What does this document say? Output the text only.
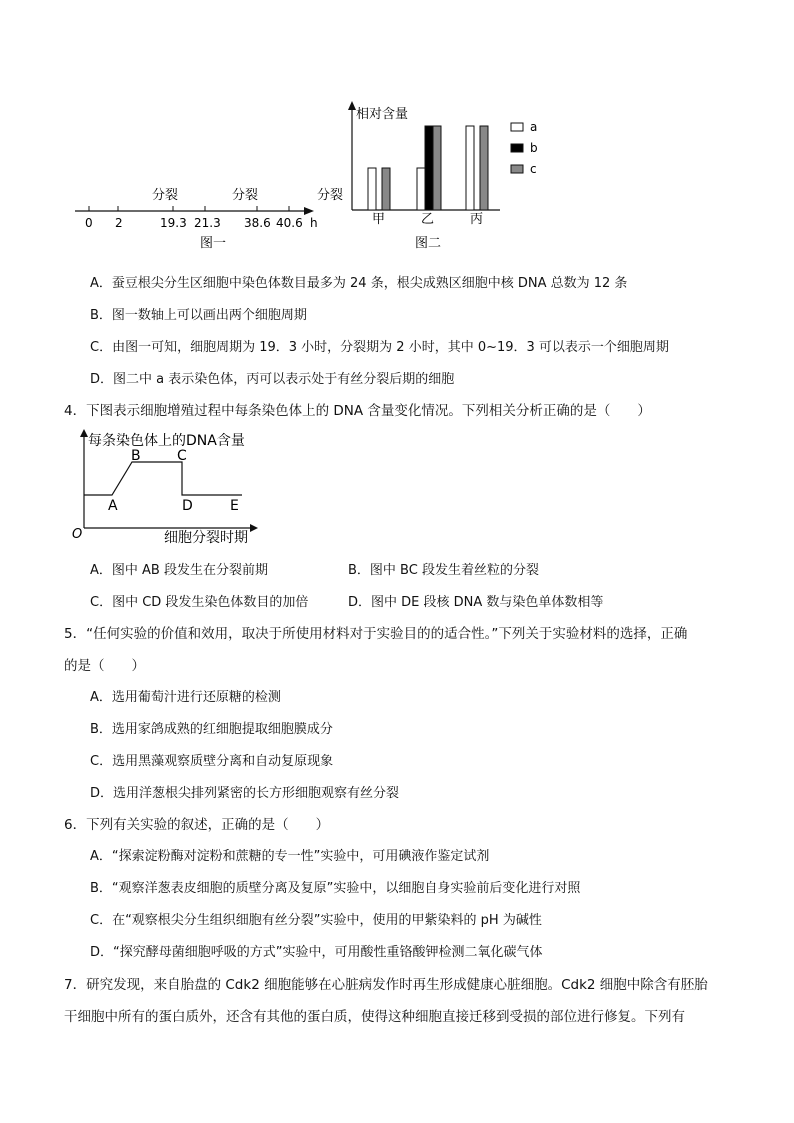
分裂	分裂	分裂
0 2	19.3 21.3 38.6 40.6 h
图一
相对含量
甲	乙	丙
图二
a
b
c
A．蚕豆根尖分生区细胞中染色体数目最多为 24 条，根尖成熟区细胞中核 DNA 总数为 12 条
B．图一数轴上可以画出两个细胞周期
C．由图一可知，细胞周期为 19．3 小时，分裂期为 2 小时，其中 0~19．3 可以表示一个细胞周期
D．图二中 a 表示染色体，丙可以表示处于有丝分裂后期的细胞
4．下图表示细胞增殖过程中每条染色体上的 DNA 含量变化情况。下列相关分析正确的是（　　）
每条染色体上的DNA含量
B	C
A	D	E
O	细胞分裂时期
A．图中 AB 段发生在分裂前期	B．图中 BC 段发生着丝粒的分裂
C．图中 CD 段发生染色体数目的加倍	D．图中 DE 段核 DNA 数与染色单体数相等
5．“任何实验的价值和效用，取决于所使用材料对于实验目的的适合性。”下列关于实验材料的选择，正确
的是（　　）
A．选用葡萄汁进行还原糖的检测
B．选用家鸽成熟的红细胞提取细胞膜成分
C．选用黑藻观察质壁分离和自动复原现象
D．选用洋葱根尖排列紧密的长方形细胞观察有丝分裂
6．下列有关实验的叙述，正确的是（　　）
A．“探索淀粉酶对淀粉和蔗糖的专一性”实验中，可用碘液作鉴定试剂
B．“观察洋葱表皮细胞的质壁分离及复原”实验中，以细胞自身实验前后变化进行对照
C．在“观察根尖分生组织细胞有丝分裂”实验中，使用的甲紫染料的 pH 为碱性
D．“探究酵母菌细胞呼吸的方式”实验中，可用酸性重铬酸钾检测二氧化碳气体
7．研究发现，来自胎盘的 Cdk2 细胞能够在心脏病发作时再生形成健康心脏细胞。Cdk2 细胞中除含有胚胎
干细胞中所有的蛋白质外，还含有其他的蛋白质，使得这种细胞直接迁移到受损的部位进行修复。下列有
